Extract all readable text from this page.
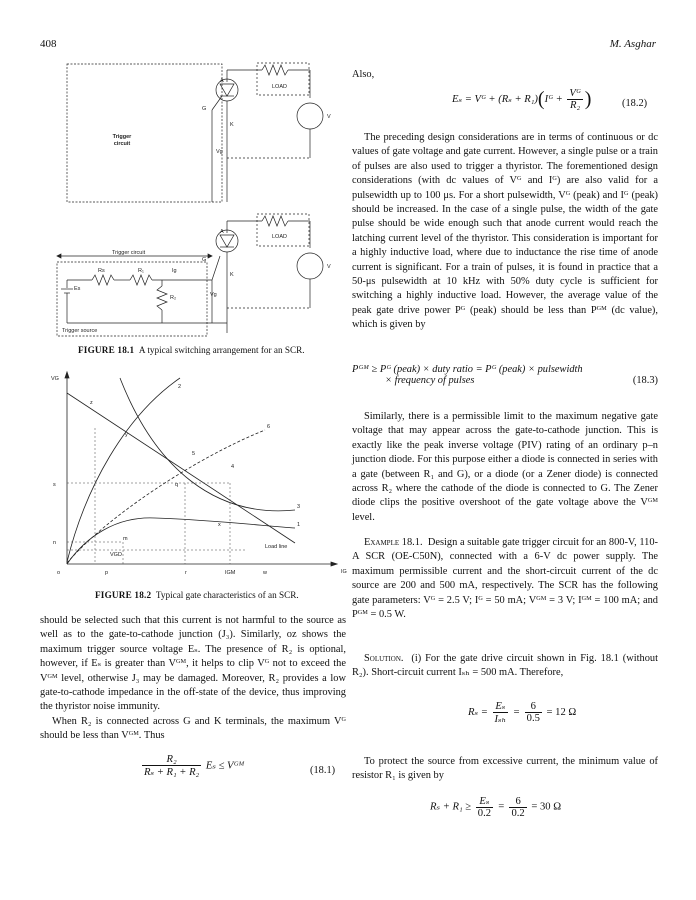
408	M. Asghar
Trigger
circuit
A
G
K
Vg
LOAD
V
Trigger circuit
A
G
K
LOAD
V
Rs	R₁	Ig
Es
R₂	Vg
Trigger source
FIGURE 18.1 A typical switching arrangement for an SCR.
VG
IG
o	p	r	IGM	w
n
s
2
6
5
4
3
1
x
y
z
q
m
Load line
VGD
FIGURE 18.2 Typical gate characteristics of an SCR.

should be selected such that this current is not harmful to the source as well as to the gate-to-cathode junction (J₃). Similarly, oz shows the maximum trigger source voltage Eₛ. The presence of R₂ is optional, however, if Eₛ is greater than Vᴳᴹ, it helps to clip Vᴳ not to exceed the Vᴳᴹ level, otherwise J₃ may be damaged. Moreover, R₂ provides a low gate-to-cathode impedance in the off-state of the device, thus improving the thyristor noise immunity.

When R₂ is connected across G and K terminals, the maximum Vᴳ should be less than Vᴳᴹ. Thus

$\frac{\text{R₂}}{\text{Rₛ + R₁ + R₂}}$ Eₛ ≤ Vᴳᴹ	(18.1)
Also,
Eₛ = Vᴳ + (Rₛ + R₁)(Iᴳ + $\frac{\text{Vᴳ}}{\text{R₂}}$ )	(18.2)

The preceding design considerations are in terms of continuous or dc values of gate voltage and gate current. However, a single pulse or a train of pulses are also used to trigger a thyristor. The forementioned design considerations (with dc values of Vᴳ and Iᴳ) are also valid for a pulsewidth up to 100 μs. For a short pulsewidth, Vᴳ (peak) and Iᴳ (peak) should be increased. In the case of a single pulse, the width of the gate pulse should be wide enough such that anode current would reach the latching current level of the thyristor. This consideration is important for a highly inductive load, where due to inductance the rise time of anode current is significant. For a train of pulses, it is found in practice that a 50-μs pulsewidth at 10 kHz with 50% duty cycle is sufficient for switching a highly inductive load. However, the average value of the peak gate drive power Pᴳ (peak) should be less than Pᴳᴹ (dc value), which is given by

Pᴳᴹ ≥ Pᴳ (peak) × duty ratio = Pᴳ (peak) × pulsewidth
× frequency of pulses	(18.3)

Similarly, there is a permissible limit to the maximum negative gate voltage that may appear across the gate-to-cathode junction. This is exactly like the peak inverse voltage (PIV) rating of an ordinary p–n junction diode. For this purpose either a diode is connected in series with a gate (between R₁ and G), or a diode (or a Zener diode) is connected across R₂ where the cathode of the diode is connected to G. The Zener diode clips the positive overshoot of the gate voltage above the Vᴳᴹ level.

Example 18.1. Design a suitable gate trigger circuit for an 800-V, 110-A SCR (OE-C50N), connected with a 6-V dc power supply. The maximum permissible current and the short-circuit current of the dc source are 200 and 500 mA, respectively. The SCR has the following gate parameters: Vᴳ = 2.5 V; Iᴳ = 50 mA; Vᴳᴹ = 3 V; Iᴳᴹ = 100 mA; and Pᴳᴹ = 0.5 W.

Solution. (i) For the gate drive circuit shown in Fig. 18.1 (without R₂). Short-circuit current Iₛₕ = 500 mA. Therefore,

$R_s = \frac{\text{Eₛ}}{\text{Iₛₕ}} = \frac{6}{0.5} = 12$ Ω

To protect the source from excessive current, the minimum value of resistor R₁ is given by

$R_s + R_1 \ge \frac{\text{Eₛ}}{0.2} = \frac{6}{0.2} = 30$ Ω
